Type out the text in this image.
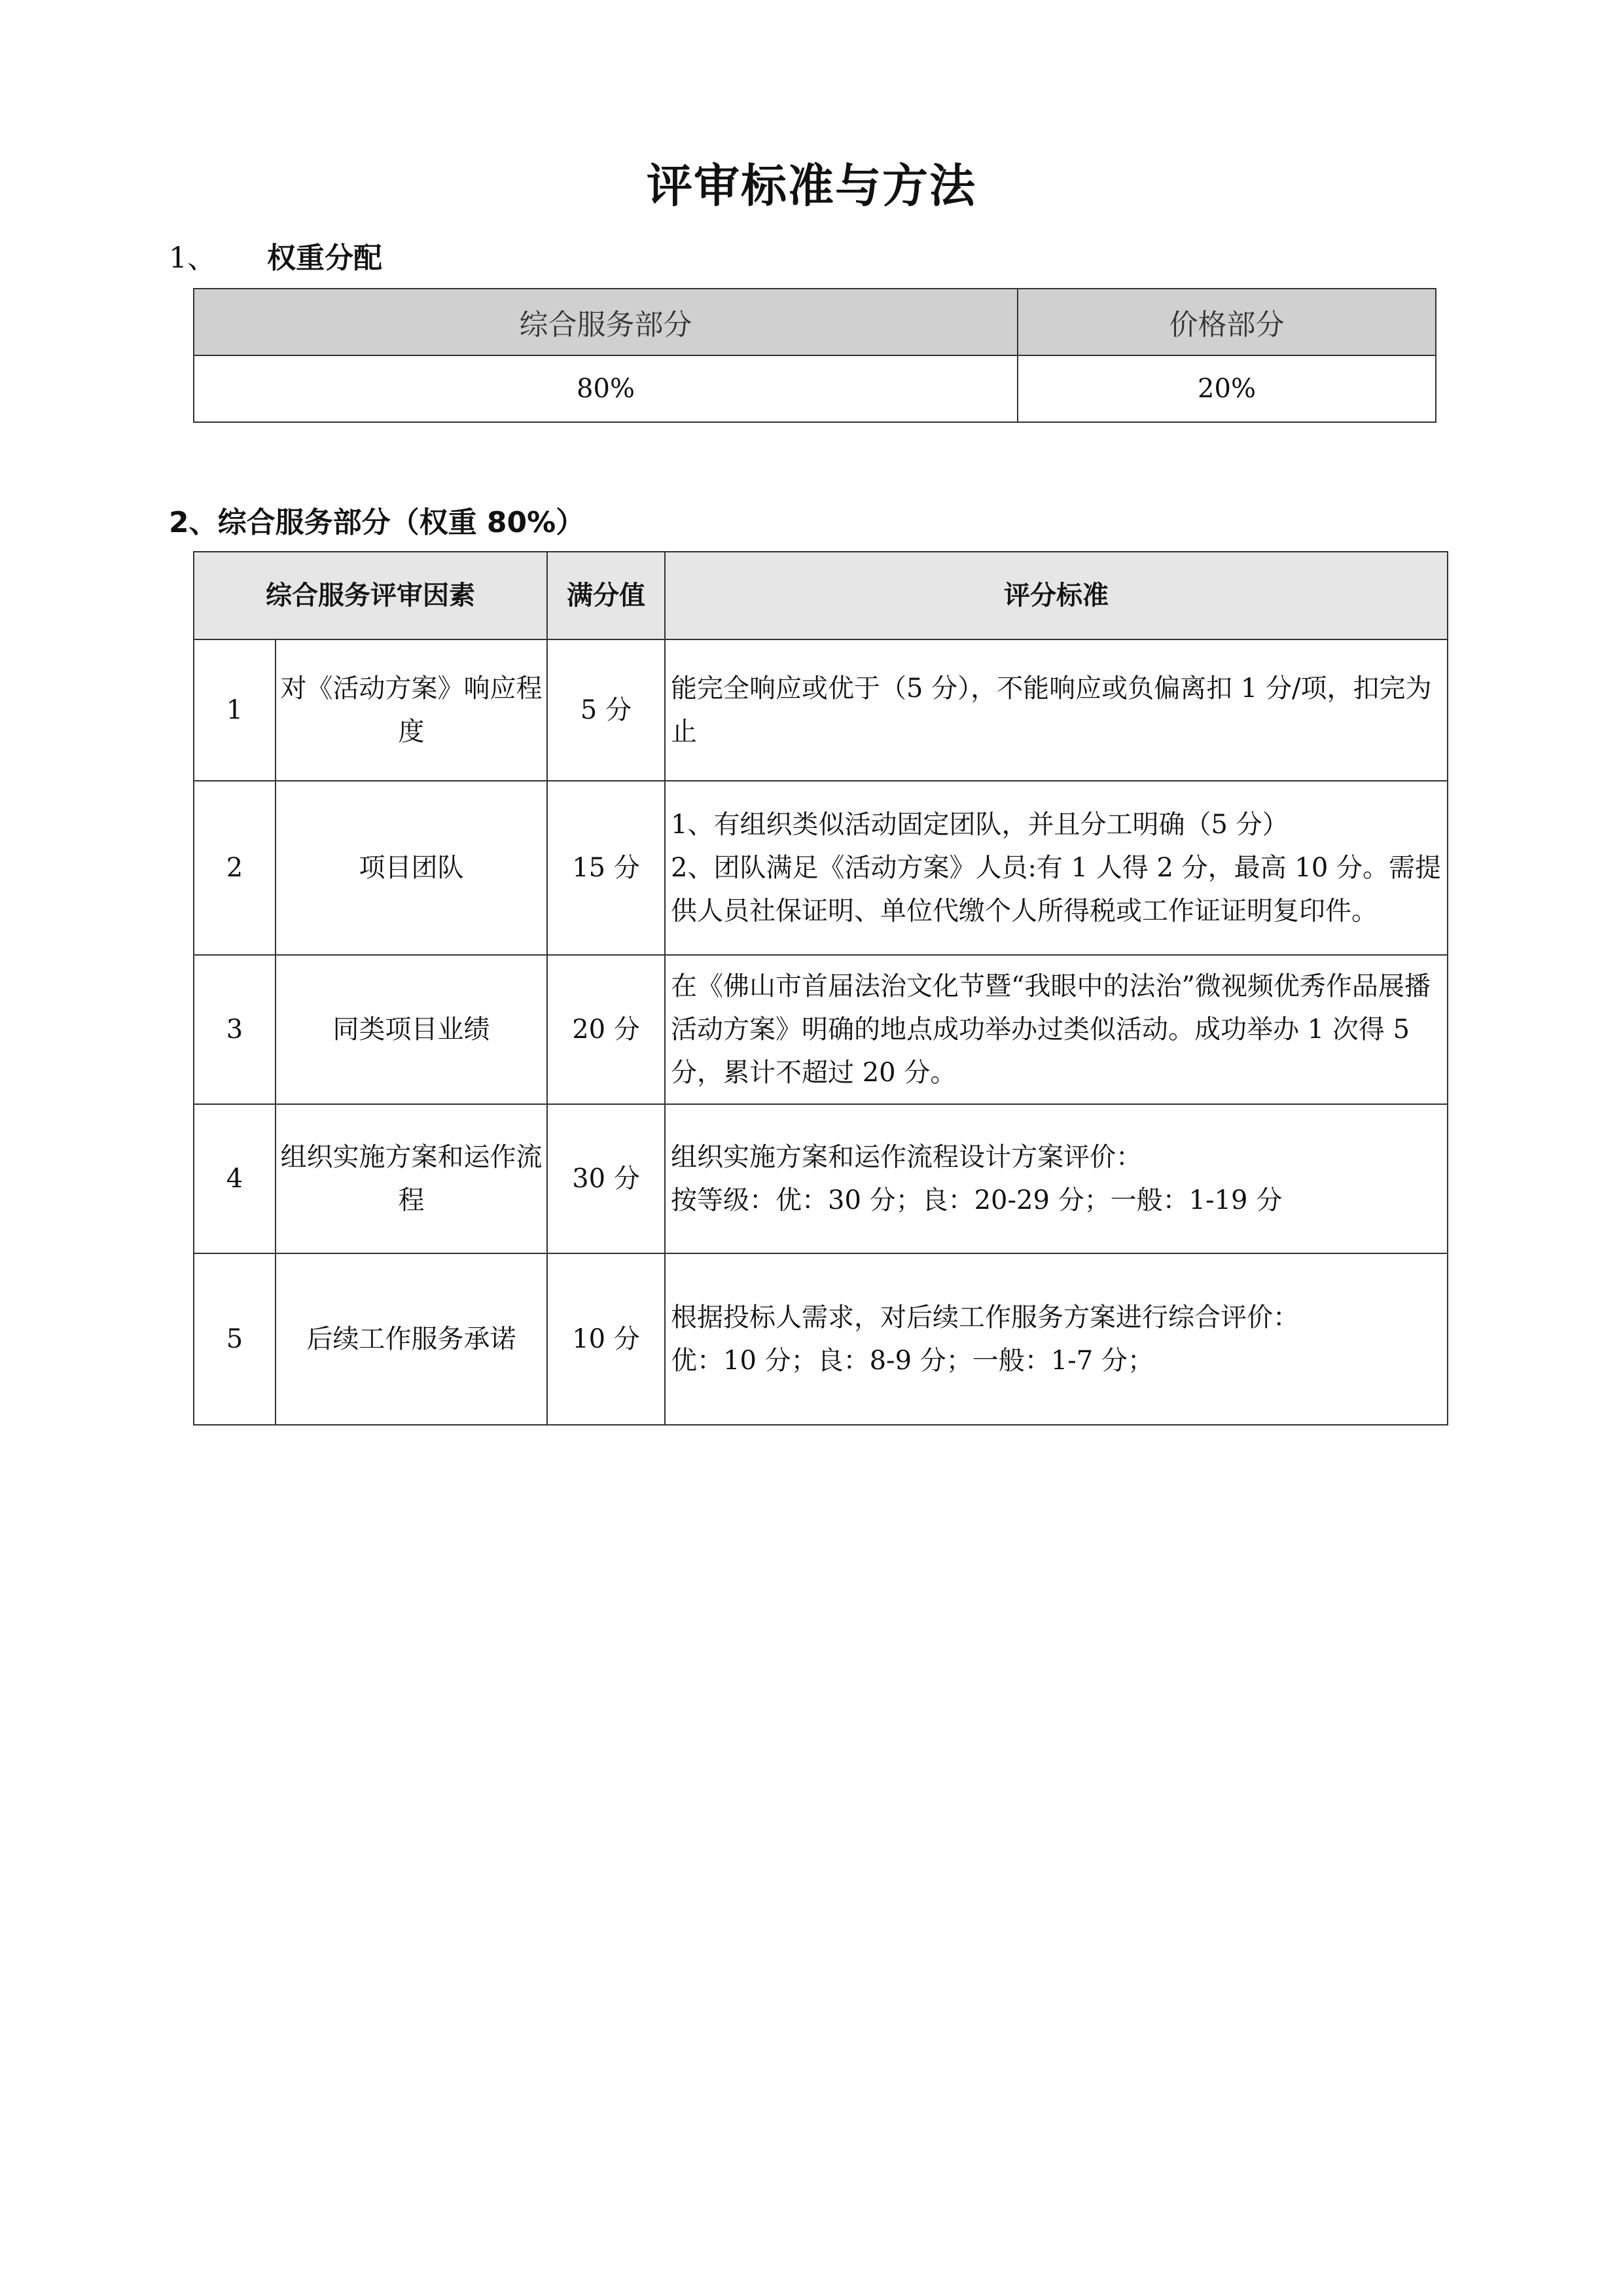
评审标准与方法
1、 权重分配
综合服务部分	价格部分
80%	20%
2、综合服务部分（权重 80%）
综合服务评审因素		满分值	评分标准
1	对《活动方案》响应程度	5 分	能完全响应或优于（5 分），不能响应或负偏离扣 1 分/项，扣完为止
2	项目团队	15 分	1、有组织类似活动固定团队，并且分工明确（5 分）
2、团队满足《活动方案》人员:有 1 人得 2 分，最高 10 分。需提供人员社保证明、单位代缴个人所得税或工作证证明复印件。
3	同类项目业绩	20 分	在《佛山市首届法治文化节暨“我眼中的法治”微视频优秀作品展播活动方案》明确的地点成功举办过类似活动。成功举办 1 次得 5 分，累计不超过 20 分。
4	组织实施方案和运作流程	30 分	组织实施方案和运作流程设计方案评价：
按等级：优：30 分；良：20-29 分；一般：1-19 分
5	后续工作服务承诺	10 分	根据投标人需求，对后续工作服务方案进行综合评价：
优：10 分；良：8-9 分；一般：1-7 分；
